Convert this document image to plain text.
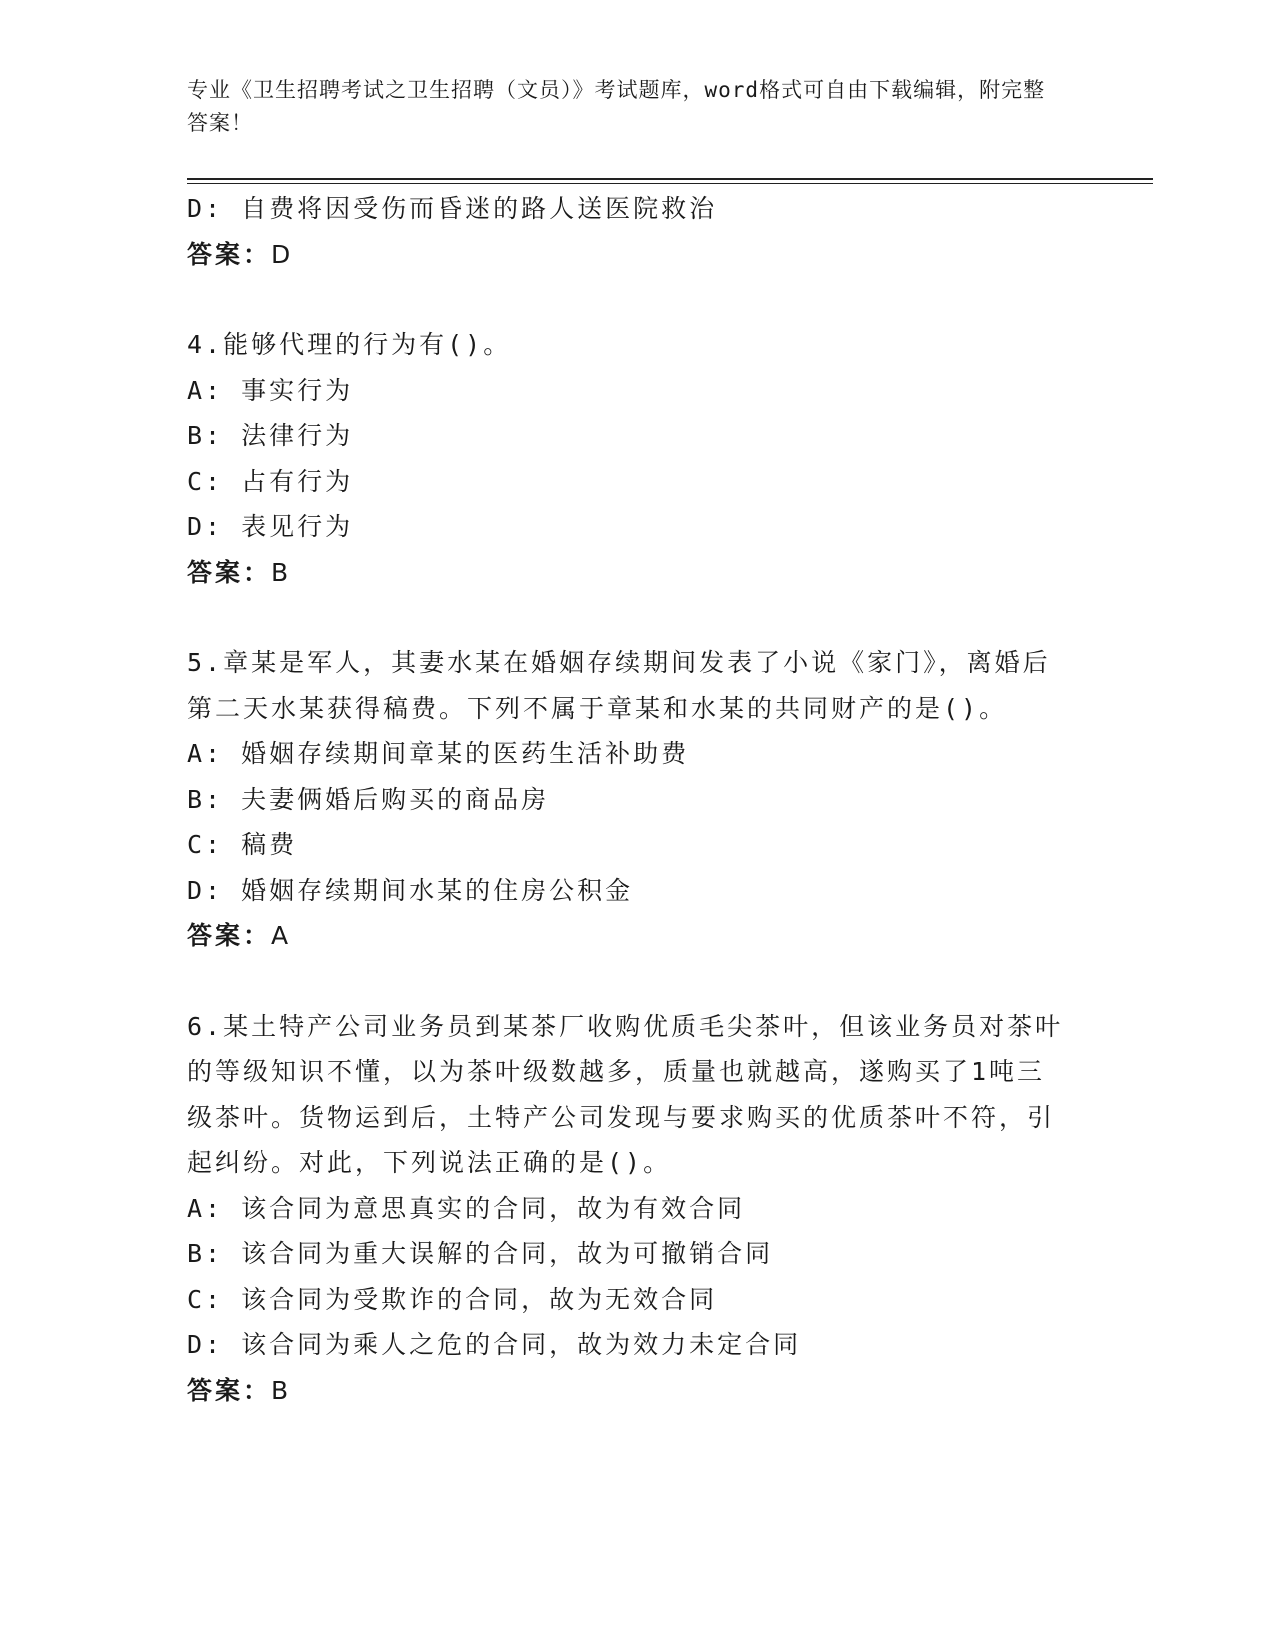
专业《卫生招聘考试之卫生招聘（文员）》考试题库，word格式可自由下载编辑，附完整答案！
D: 自费将因受伤而昏迷的路人送医院救治
答案：D
4.能够代理的行为有()。
A: 事实行为
B: 法律行为
C: 占有行为
D: 表见行为
答案：B
5.章某是军人，其妻水某在婚姻存续期间发表了小说《家门》，离婚后第二天水某获得稿费。下列不属于章某和水某的共同财产的是()。
A: 婚姻存续期间章某的医药生活补助费
B: 夫妻俩婚后购买的商品房
C: 稿费
D: 婚姻存续期间水某的住房公积金
答案：A
6.某土特产公司业务员到某茶厂收购优质毛尖茶叶，但该业务员对茶叶的等级知识不懂，以为茶叶级数越多，质量也就越高，遂购买了1吨三级茶叶。货物运到后，土特产公司发现与要求购买的优质茶叶不符，引起纠纷。对此，下列说法正确的是()。
A: 该合同为意思真实的合同，故为有效合同
B: 该合同为重大误解的合同，故为可撤销合同
C: 该合同为受欺诈的合同，故为无效合同
D: 该合同为乘人之危的合同，故为效力未定合同
答案：B
